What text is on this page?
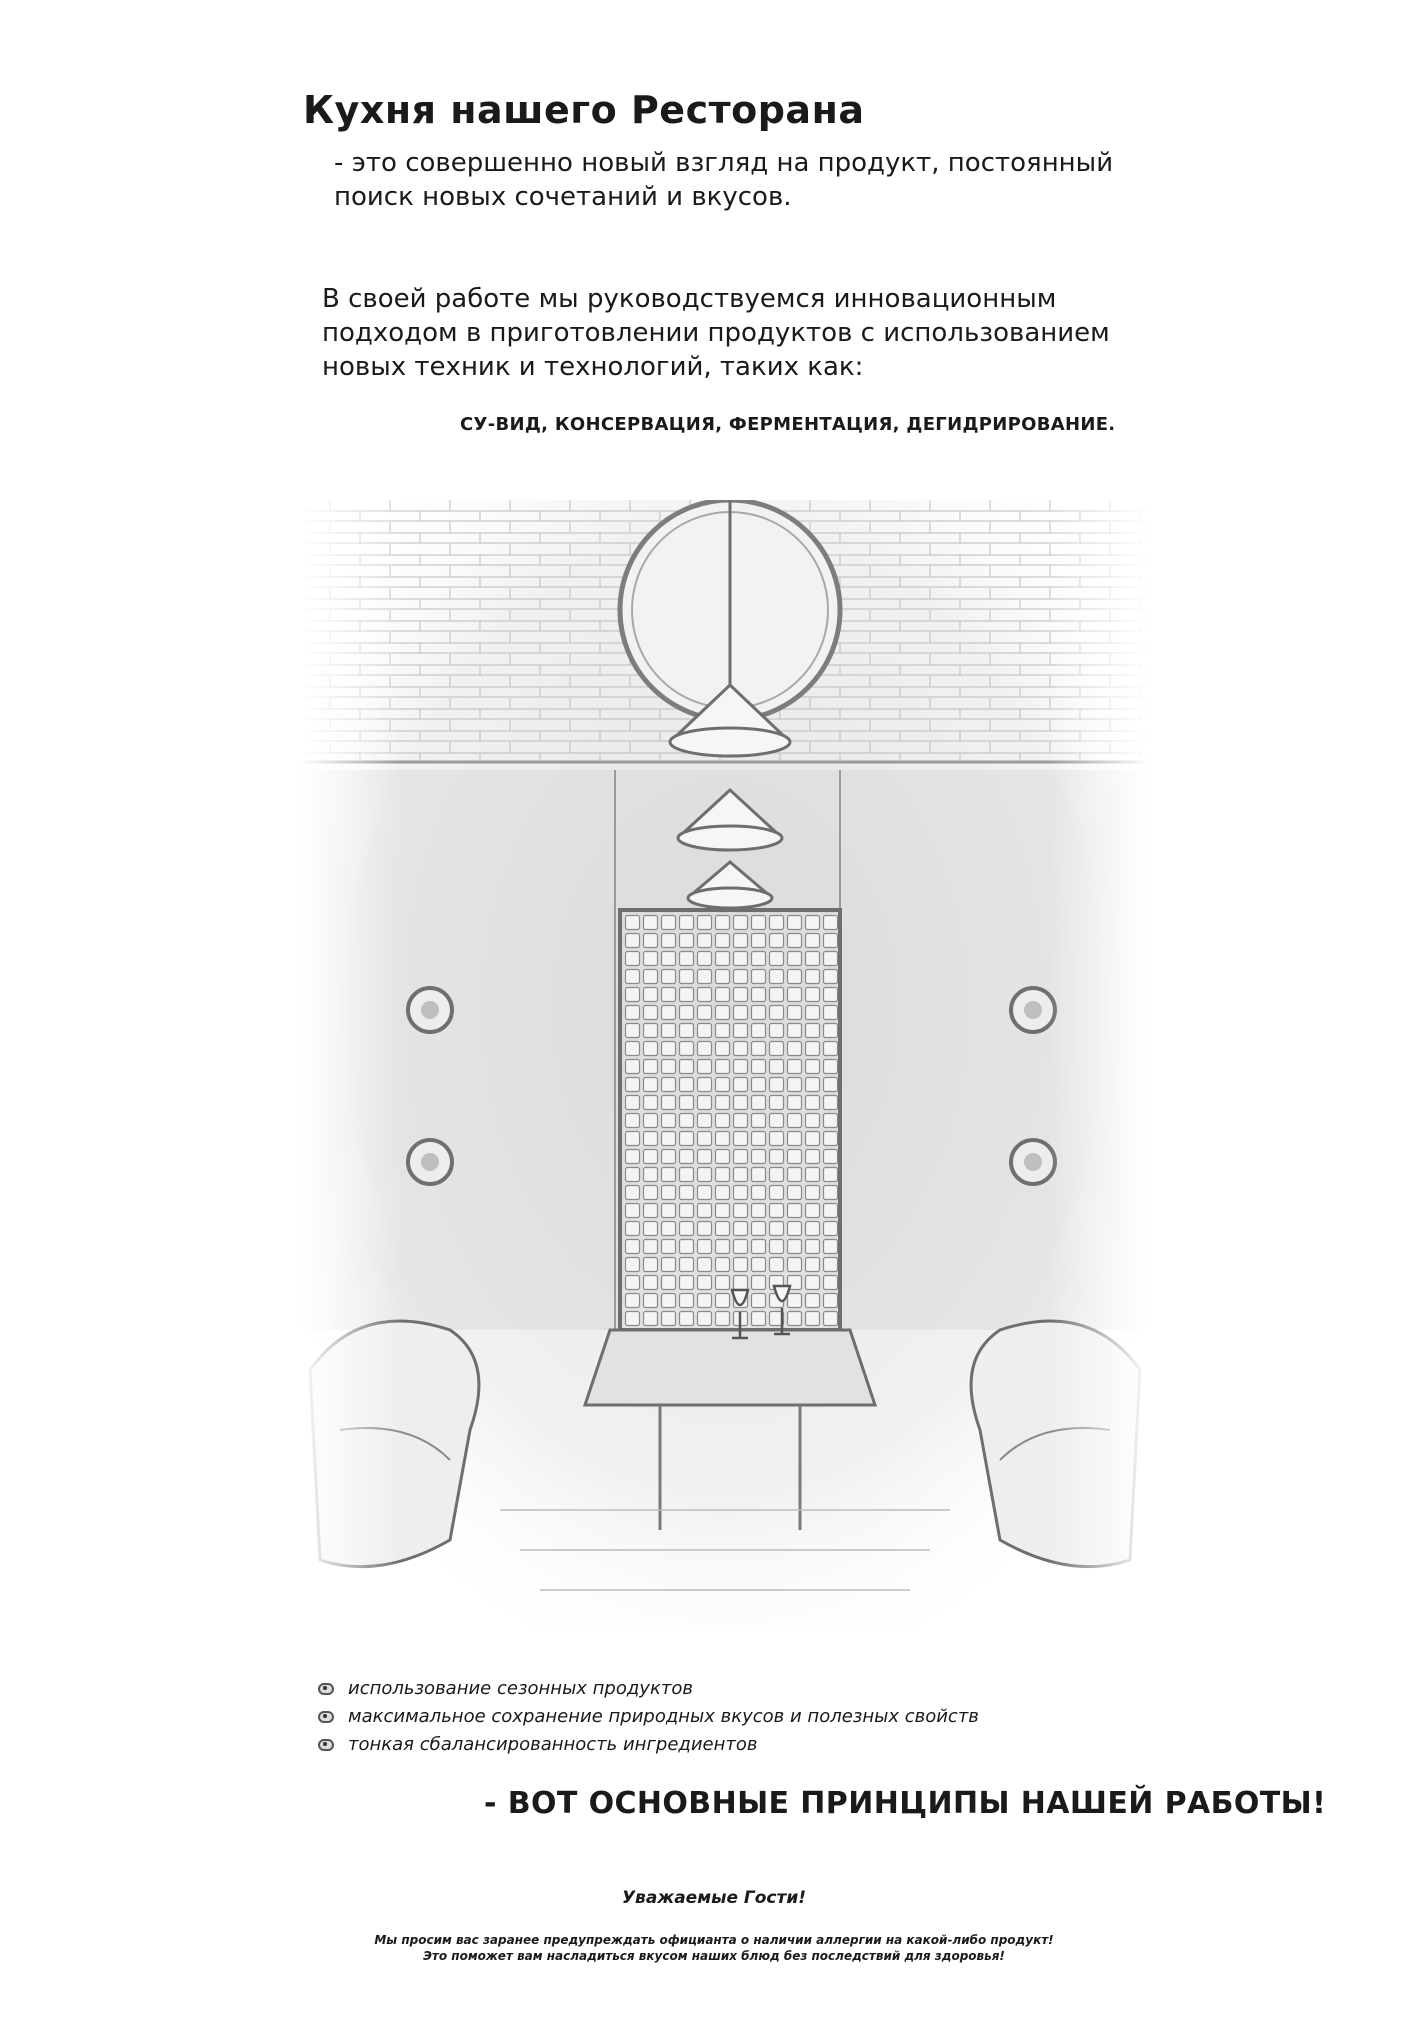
Кухня нашего Ресторана

- это совершенно новый взгляд на продукт, постоянный
поиск новых сочетаний и вкусов.

В своей работе мы руководствуемся инновационным
подходом в приготовлении продуктов с использованием
новых техник и технологий, таких как:

СУ-ВИД, КОНСЕРВАЦИЯ, ФЕРМЕНТАЦИЯ, ДЕГИДРИРОВАНИЕ.

использование сезонных продуктов
максимальное сохранение природных вкусов и полезных свойств
тонкая сбалансированность ингредиентов

- ВОТ ОСНОВНЫЕ ПРИНЦИПЫ НАШЕЙ РАБОТЫ!

Уважаемые Гости!

Мы просим вас заранее предупреждать официанта о наличии аллергии на какой-либо продукт!
Это поможет вам насладиться вкусом наших блюд без последствий для здоровья!
